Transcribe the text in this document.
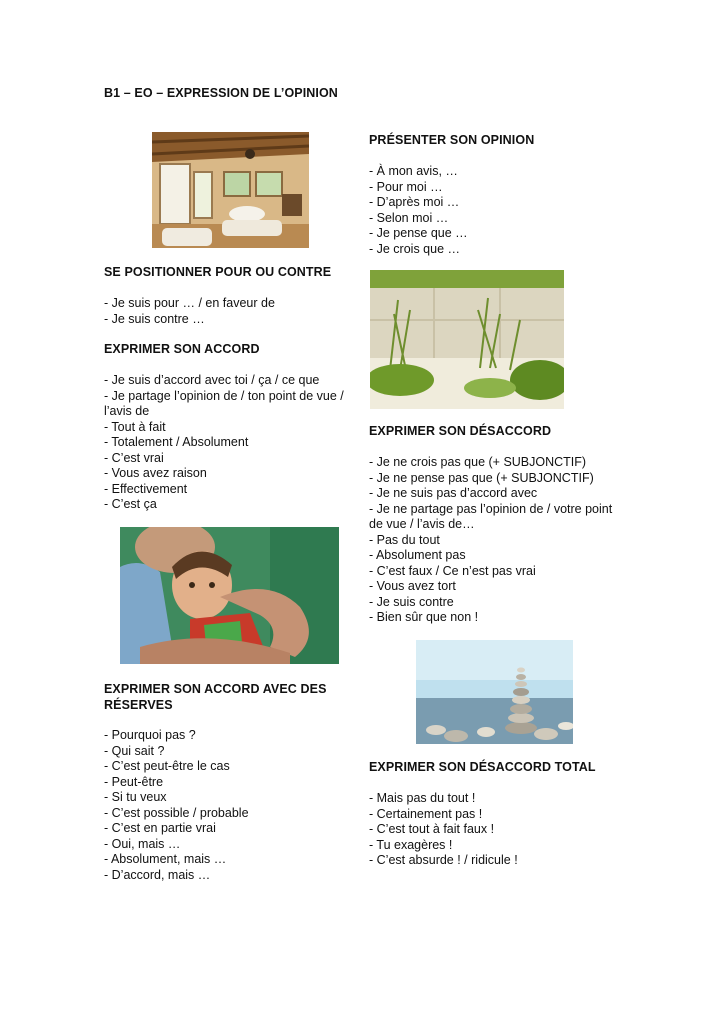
B1 – EO – EXPRESSION DE L’OPINION
PRÉSENTER SON OPINION
- À mon avis, …
- Pour moi …
- D’après moi …
- Selon moi …
- Je pense que …
- Je crois que …
SE POSITIONNER POUR OU CONTRE
- Je suis pour … / en faveur de
- Je suis contre …
EXPRIMER SON ACCORD
- Je suis d’accord avec toi / ça / ce que
- Je partage l’opinion de / ton point de vue / l’avis de
- Tout à fait
- Totalement / Absolument
- C’est vrai
- Vous avez raison
- Effectivement
- C’est ça
EXPRIMER SON DÉSACCORD
- Je ne crois pas que (+ SUBJONCTIF)
- Je ne pense pas que (+ SUBJONCTIF)
- Je ne suis pas d’accord avec
- Je ne partage pas l’opinion de / votre point de vue / l’avis de…
- Pas du tout
- Absolument pas
- C’est faux / Ce n’est pas vrai
- Vous avez tort
- Je suis contre
- Bien sûr que non !
EXPRIMER SON ACCORD AVEC DES
RÉSERVES
- Pourquoi pas ?
- Qui sait ?
- C’est peut-être le cas
- Peut-être
- Si tu veux
- C’est possible / probable
- C’est en partie vrai
- Oui, mais …
- Absolument, mais …
- D’accord, mais …
EXPRIMER SON DÉSACCORD TOTAL
- Mais pas du tout !
- Certainement pas !
- C’est tout à fait faux !
- Tu exagères !
- C’est absurde ! / ridicule !
